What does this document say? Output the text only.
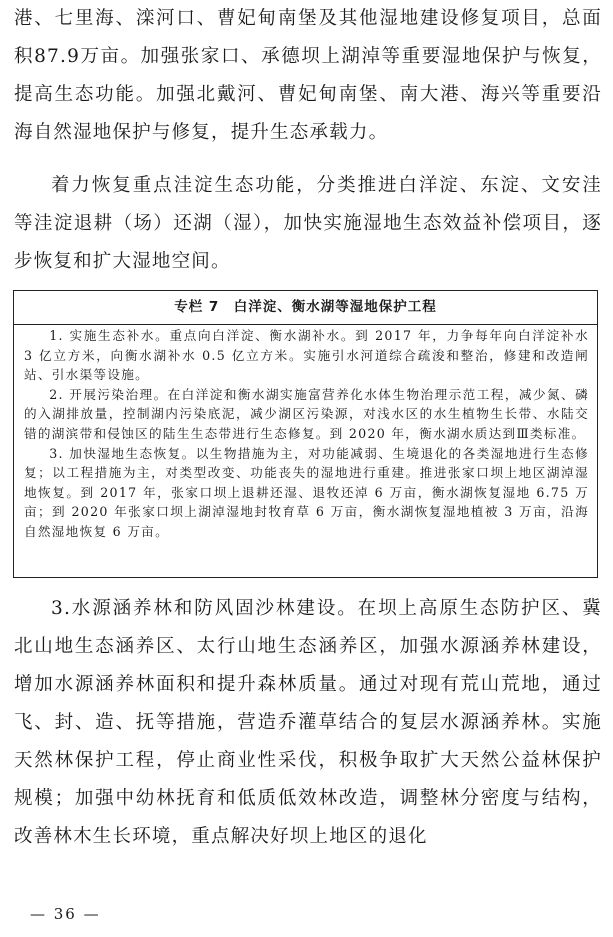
港、七里海、滦河口、曹妃甸南堡及其他湿地建设修复项目，总面积87.9万亩。加强张家口、承德坝上湖淖等重要湿地保护与恢复，提高生态功能。加强北戴河、曹妃甸南堡、南大港、海兴等重要沿海自然湿地保护与修复，提升生态承载力。

着力恢复重点洼淀生态功能，分类推进白洋淀、东淀、文安洼等洼淀退耕（场）还湖（湿），加快实施湿地生态效益补偿项目，逐步恢复和扩大湿地空间。

专栏 7　白洋淀、衡水湖等湿地保护工程

1. 实施生态补水。重点向白洋淀、衡水湖补水。到 2017 年，力争每年向白洋淀补水 3 亿立方米，向衡水湖补水 0.5 亿立方米。实施引水河道综合疏浚和整治，修建和改造闸站、引水渠等设施。

2. 开展污染治理。在白洋淀和衡水湖实施富营养化水体生物治理示范工程，减少氮、磷的入湖排放量，控制湖内污染底泥，减少湖区污染源，对浅水区的水生植物生长带、水陆交错的湖滨带和侵蚀区的陆生生态带进行生态修复。到 2020 年，衡水湖水质达到Ⅲ类标准。

3. 加快湿地生态恢复。以生物措施为主，对功能减弱、生境退化的各类湿地进行生态修复；以工程措施为主，对类型改变、功能丧失的湿地进行重建。推进张家口坝上地区湖淖湿地恢复。到 2017 年，张家口坝上退耕还湿、退牧还淖 6 万亩，衡水湖恢复湿地 6.75 万亩；到 2020 年张家口坝上湖淖湿地封牧育草 6 万亩，衡水湖恢复湿地植被 3 万亩，沿海自然湿地恢复 6 万亩。

3.水源涵养林和防风固沙林建设。在坝上高原生态防护区、冀北山地生态涵养区、太行山地生态涵养区，加强水源涵养林建设，增加水源涵养林面积和提升森林质量。通过对现有荒山荒地，通过飞、封、造、抚等措施，营造乔灌草结合的复层水源涵养林。实施天然林保护工程，停止商业性采伐，积极争取扩大天然公益林保护规模；加强中幼林抚育和低质低效林改造，调整林分密度与结构，改善林木生长环境，重点解决好坝上地区的退化

— 36 —
